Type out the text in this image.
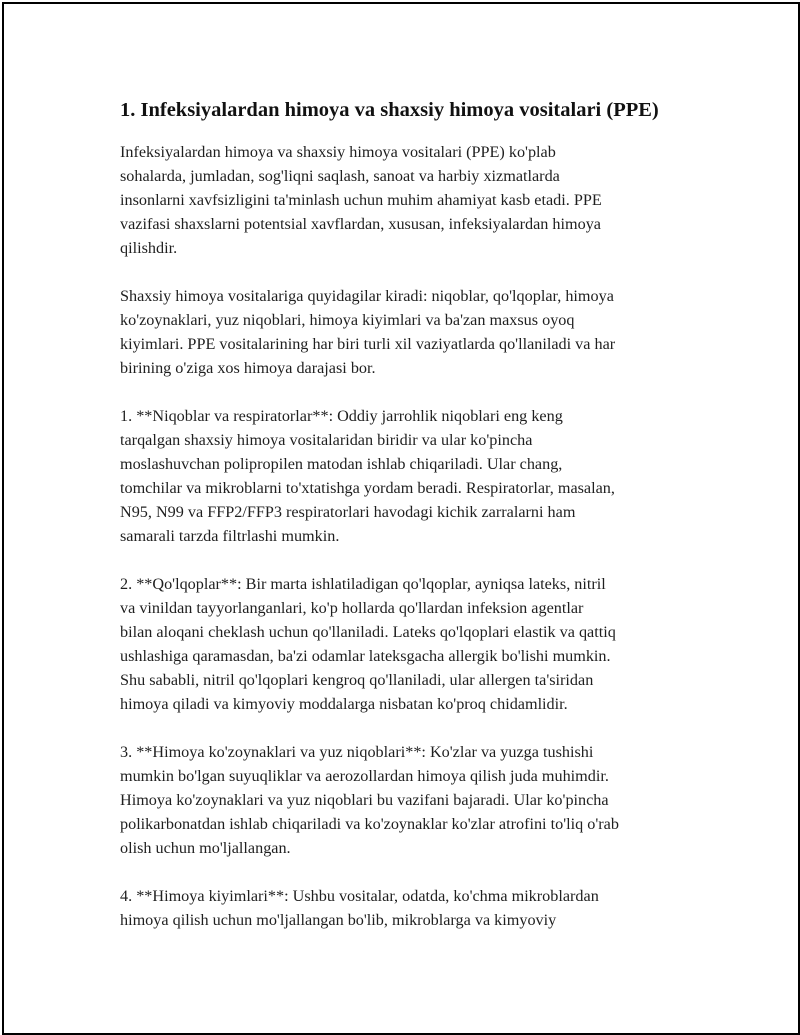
1. Infeksiyalardan himoya va shaxsiy himoya vositalari (PPE)

Infeksiyalardan himoya va shaxsiy himoya vositalari (PPE) ko'plab
sohalarda, jumladan, sog'liqni saqlash, sanoat va harbiy xizmatlarda
insonlarni xavfsizligini ta'minlash uchun muhim ahamiyat kasb etadi. PPE
vazifasi shaxslarni potentsial xavflardan, xususan, infeksiyalardan himoya
qilishdir.

Shaxsiy himoya vositalariga quyidagilar kiradi: niqoblar, qo'lqoplar, himoya
ko'zoynaklari, yuz niqoblari, himoya kiyimlari va ba'zan maxsus oyoq
kiyimlari. PPE vositalarining har biri turli xil vaziyatlarda qo'llaniladi va har
birining o'ziga xos himoya darajasi bor.

1. **Niqoblar va respiratorlar**: Oddiy jarrohlik niqoblari eng keng
tarqalgan shaxsiy himoya vositalaridan biridir va ular ko'pincha
moslashuvchan polipropilen matodan ishlab chiqariladi. Ular chang,
tomchilar va mikroblarni to'xtatishga yordam beradi. Respiratorlar, masalan,
N95, N99 va FFP2/FFP3 respiratorlari havodagi kichik zarralarni ham
samarali tarzda filtrlashi mumkin.

2. **Qo'lqoplar**: Bir marta ishlatiladigan qo'lqoplar, ayniqsa lateks, nitril
va vinildan tayyorlanganlari, ko'p hollarda qo'llardan infeksion agentlar
bilan aloqani cheklash uchun qo'llaniladi. Lateks qo'lqoplari elastik va qattiq
ushlashiga qaramasdan, ba'zi odamlar lateksgacha allergik bo'lishi mumkin.
Shu sababli, nitril qo'lqoplari kengroq qo'llaniladi, ular allergen ta'siridan
himoya qiladi va kimyoviy moddalarga nisbatan ko'proq chidamlidir.

3. **Himoya ko'zoynaklari va yuz niqoblari**: Ko'zlar va yuzga tushishi
mumkin bo'lgan suyuqliklar va aerozollardan himoya qilish juda muhimdir.
Himoya ko'zoynaklari va yuz niqoblari bu vazifani bajaradi. Ular ko'pincha
polikarbonatdan ishlab chiqariladi va ko'zoynaklar ko'zlar atrofini to'liq o'rab
olish uchun mo'ljallangan.

4. **Himoya kiyimlari**: Ushbu vositalar, odatda, ko'chma mikroblardan
himoya qilish uchun mo'ljallangan bo'lib, mikroblarga va kimyoviy
